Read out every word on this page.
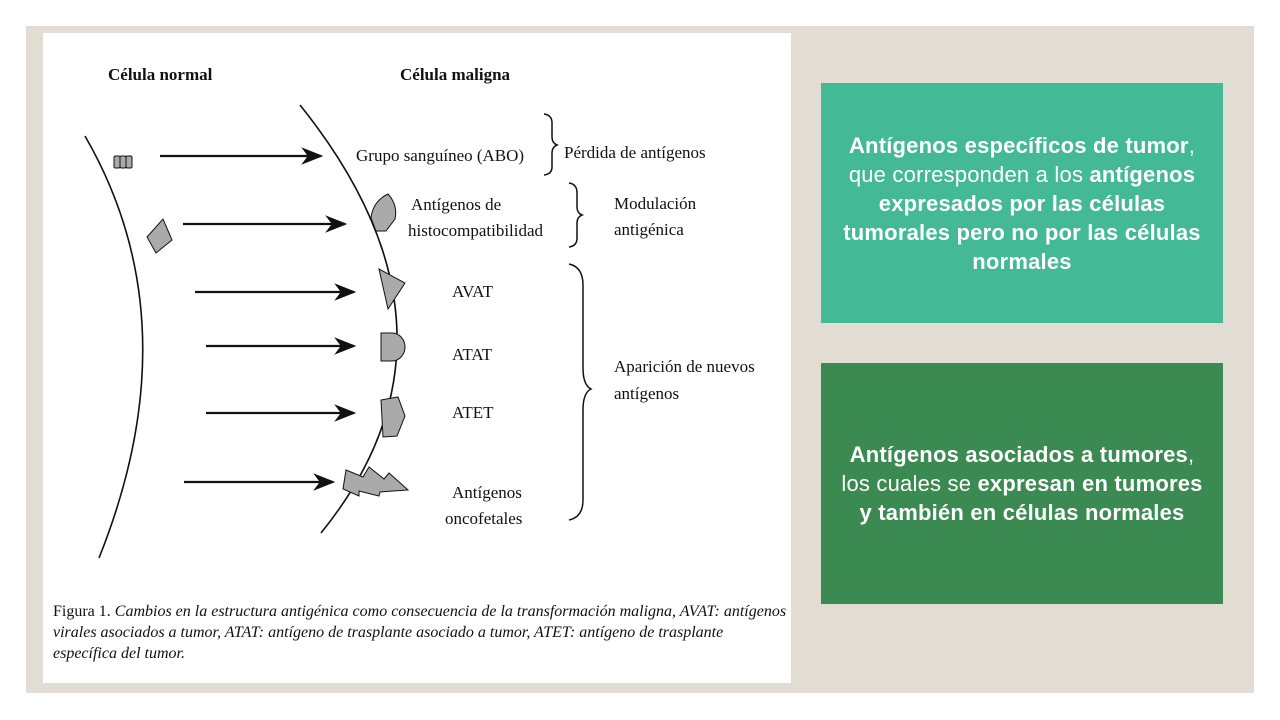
Célula normal	Célula maligna
Grupo sanguíneo (ABO)
Antígenos de
histocompatibilidad
AVAT
ATAT
ATET
Antígenos
oncofetales
Pérdida de antígenos
Modulación
antigénica
Aparición de nuevos
antígenos
Figura 1. Cambios en la estructura antigénica como consecuencia de la transformación maligna, AVAT: antígenos virales asociados a tumor, ATAT: antígeno de trasplante asociado a tumor, ATET: antígeno de trasplante específica del tumor.
Antígenos específicos de tumor, que corresponden a los antígenos expresados por las células tumorales pero no por las células normales
Antígenos asociados a tumores, los cuales se expresan en tumores y también en células normales
